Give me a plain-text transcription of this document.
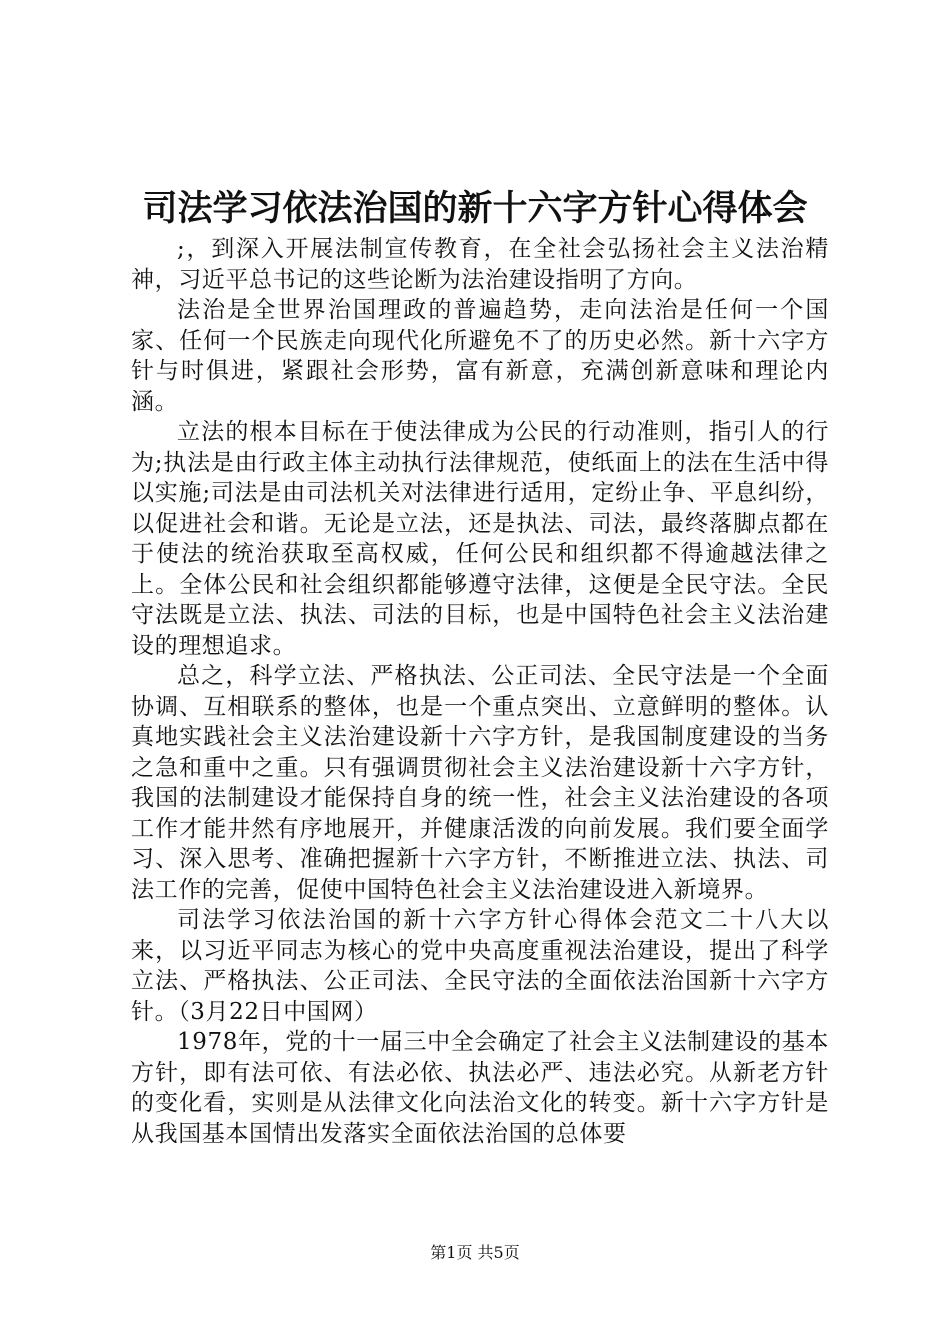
司法学习依法治国的新十六字方针心得体会

;，到深入开展法制宣传教育，在全社会弘扬社会主义法治精神，习近平总书记的这些论断为法治建设指明了方向。

法治是全世界治国理政的普遍趋势，走向法治是任何一个国家、任何一个民族走向现代化所避免不了的历史必然。新十六字方针与时俱进，紧跟社会形势，富有新意，充满创新意味和理论内涵。

立法的根本目标在于使法律成为公民的行动准则，指引人的行为;执法是由行政主体主动执行法律规范，使纸面上的法在生活中得以实施;司法是由司法机关对法律进行适用，定纷止争、平息纠纷，以促进社会和谐。无论是立法，还是执法、司法，最终落脚点都在于使法的统治获取至高权威，任何公民和组织都不得逾越法律之上。全体公民和社会组织都能够遵守法律，这便是全民守法。全民守法既是立法、执法、司法的目标，也是中国特色社会主义法治建设的理想追求。

总之，科学立法、严格执法、公正司法、全民守法是一个全面协调、互相联系的整体，也是一个重点突出、立意鲜明的整体。认真地实践社会主义法治建设新十六字方针，是我国制度建设的当务之急和重中之重。只有强调贯彻社会主义法治建设新十六字方针，我国的法制建设才能保持自身的统一性，社会主义法治建设的各项工作才能井然有序地展开，并健康活泼的向前发展。我们要全面学习、深入思考、准确把握新十六字方针，不断推进立法、执法、司法工作的完善，促使中国特色社会主义法治建设进入新境界。

司法学习依法治国的新十六字方针心得体会范文二十八大以来，以习近平同志为核心的党中央高度重视法治建设，提出了科学立法、严格执法、公正司法、全民守法的全面依法治国新十六字方针。（3月22日中国网）

1978年，党的十一届三中全会确定了社会主义法制建设的基本方针，即有法可依、有法必依、执法必严、违法必究。从新老方针的变化看，实则是从法律文化向法治文化的转变。新十六字方针是从我国基本国情出发落实全面依法治国的总体要

第1页 共5页
